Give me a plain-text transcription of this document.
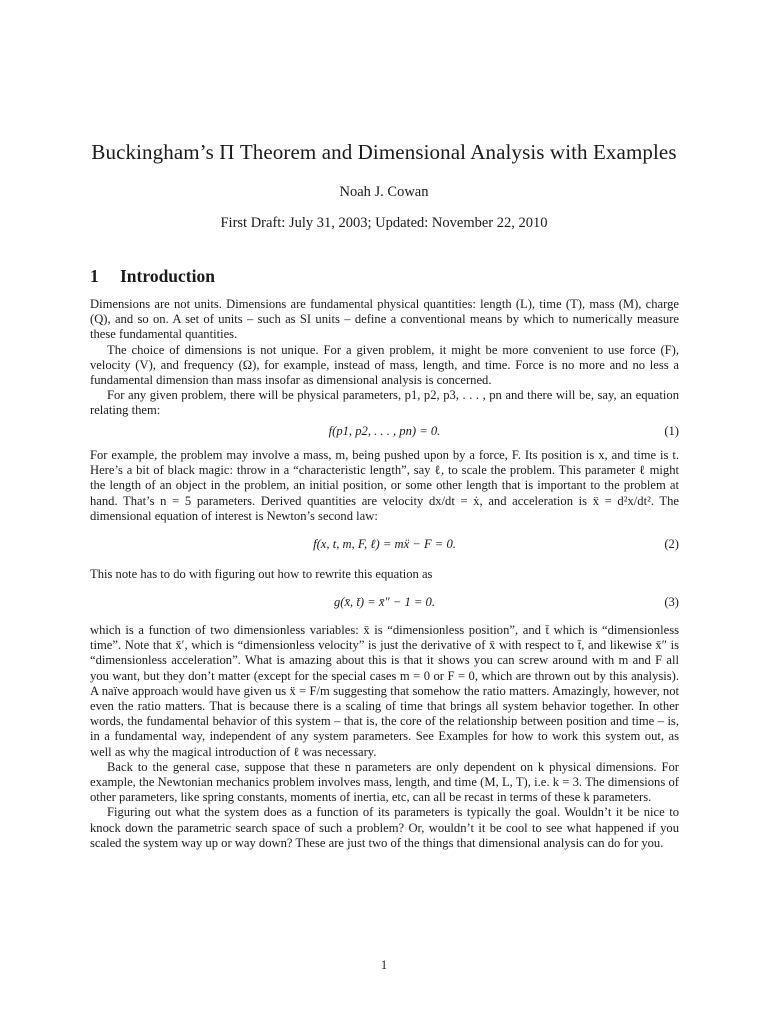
Buckingham’s Π Theorem and Dimensional Analysis with Examples
Noah J. Cowan
First Draft: July 31, 2003; Updated: November 22, 2010
1 Introduction

Dimensions are not units. Dimensions are fundamental physical quantities: length (L), time (T), mass (M), charge (Q), and so on. A set of units – such as SI units – define a conventional means by which to numerically measure these fundamental quantities.

The choice of dimensions is not unique. For a given problem, it might be more convenient to use force (F), velocity (V), and frequency (Ω), for example, instead of mass, length, and time. Force is no more and no less a fundamental dimension than mass insofar as dimensional analysis is concerned.

For any given problem, there will be physical parameters, p1, p2, p3, . . . , pn and there will be, say, an equation relating them:

f(p1, p2, . . . , pn) = 0.	(1)

For example, the problem may involve a mass, m, being pushed upon by a force, F. Its position is x, and time is t. Here’s a bit of black magic: throw in a “characteristic length”, say ℓ, to scale the problem. This parameter ℓ might the length of an object in the problem, an initial position, or some other length that is important to the problem at hand. That’s n = 5 parameters. Derived quantities are velocity dx/dt = ẋ, and acceleration is ẍ = d²x/dt². The dimensional equation of interest is Newton’s second law:

f(x, t, m, F, ℓ) = mẍ − F = 0.	(2)

This note has to do with figuring out how to rewrite this equation as

g(x̄, t̄) = x̄″ − 1 = 0.	(3)

which is a function of two dimensionless variables: x̄ is “dimensionless position”, and t̄ which is “dimensionless time”. Note that x̄′, which is “dimensionless velocity” is just the derivative of x̄ with respect to t̄, and likewise x̄″ is “dimensionless acceleration”. What is amazing about this is that it shows you can screw around with m and F all you want, but they don’t matter (except for the special cases m = 0 or F = 0, which are thrown out by this analysis). A naïve approach would have given us ẍ = F/m suggesting that somehow the ratio matters. Amazingly, however, not even the ratio matters. That is because there is a scaling of time that brings all system behavior together. In other words, the fundamental behavior of this system – that is, the core of the relationship between position and time – is, in a fundamental way, independent of any system parameters. See Examples for how to work this system out, as well as why the magical introduction of ℓ was necessary.

Back to the general case, suppose that these n parameters are only dependent on k physical dimensions. For example, the Newtonian mechanics problem involves mass, length, and time (M, L, T), i.e. k = 3. The dimensions of other parameters, like spring constants, moments of inertia, etc, can all be recast in terms of these k parameters.

Figuring out what the system does as a function of its parameters is typically the goal. Wouldn’t it be nice to knock down the parametric search space of such a problem? Or, wouldn’t it be cool to see what happened if you scaled the system way up or way down? These are just two of the things that dimensional analysis can do for you.

1
